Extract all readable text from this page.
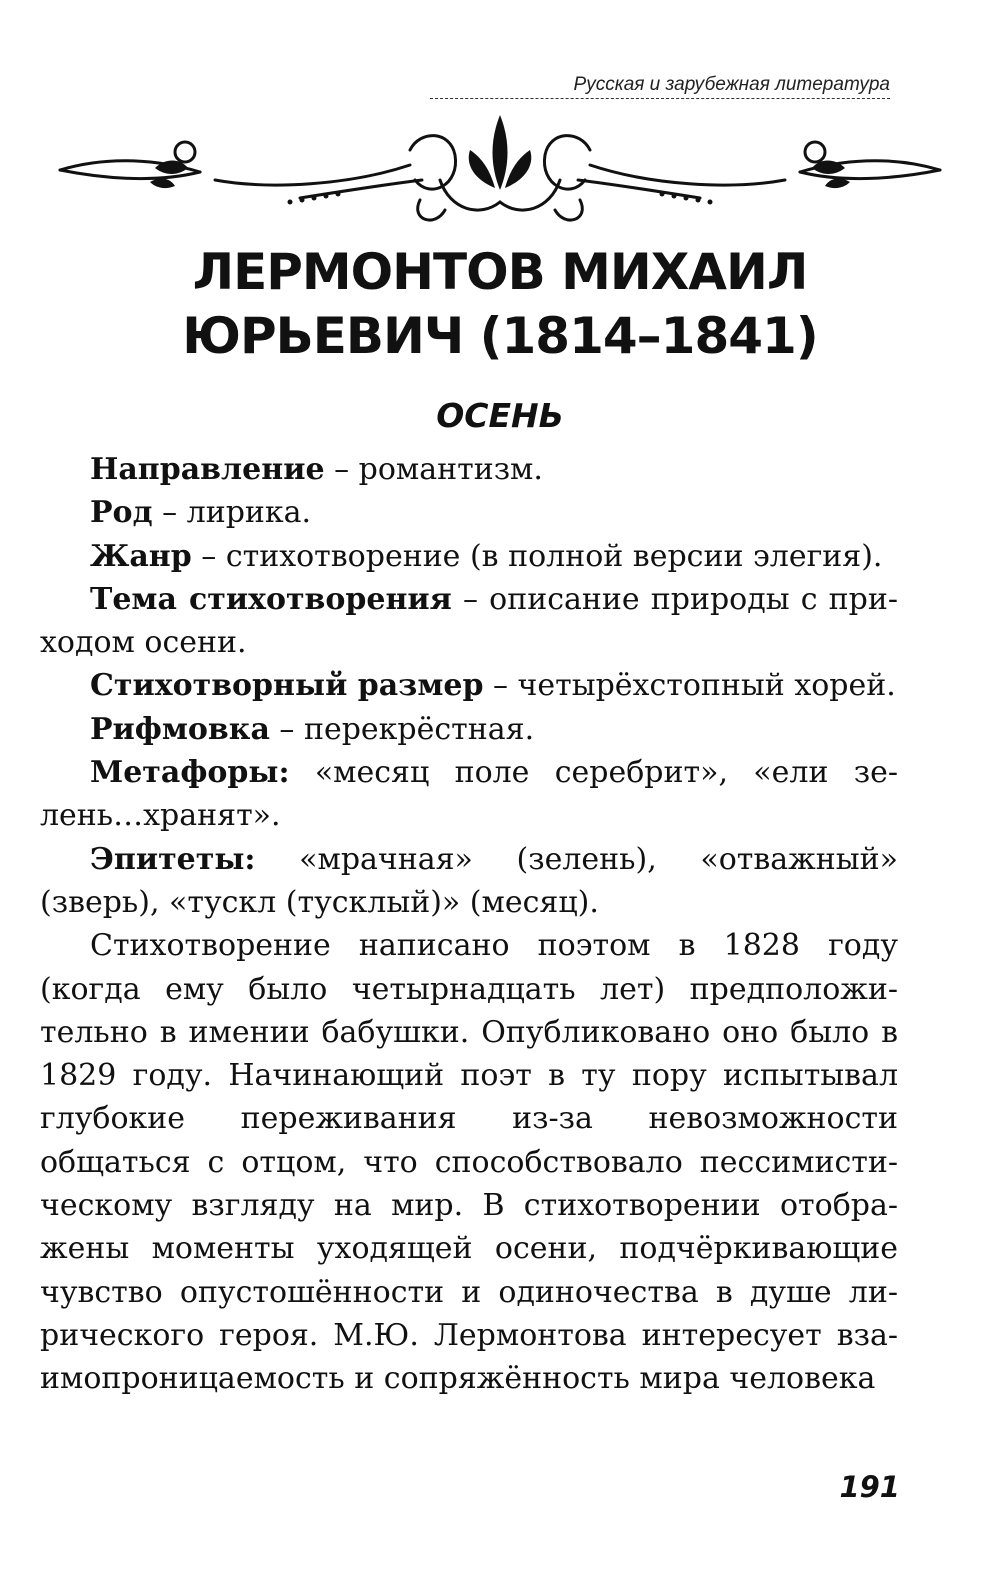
Русская и зарубежная литература
ЛЕРМОНТОВ МИХАИЛ
ЮРЬЕВИЧ (1814–1841)
ОСЕНЬ

Направление – романтизм.

Род – лирика.

Жанр – стихотворение (в полной версии элегия).

Тема стихотворения – описание природы с приходом осени.

Стихотворный размер – четырёхстопный хорей.

Рифмовка – перекрёстная.

Метафоры: «месяц поле серебрит», «ели зелень…хранят».

Эпитеты: «мрачная» (зелень), «отважный» (зверь), «тускл (тусклый)» (месяц).

Стихотворение написано поэтом в 1828 году (когда ему было четырнадцать лет) предположительно в имении бабушки. Опубликовано оно было в 1829 году. Начинающий поэт в ту пору испытывал глубокие переживания из-за невозможности общаться с отцом, что способствовало пессимистическому взгляду на мир. В стихотворении отображены моменты уходящей осени, подчёркивающие чувство опустошённости и одиночества в душе лирического героя. М.Ю. Лермонтова интересует взаимопроницаемость и сопряжённость мира человека

191
